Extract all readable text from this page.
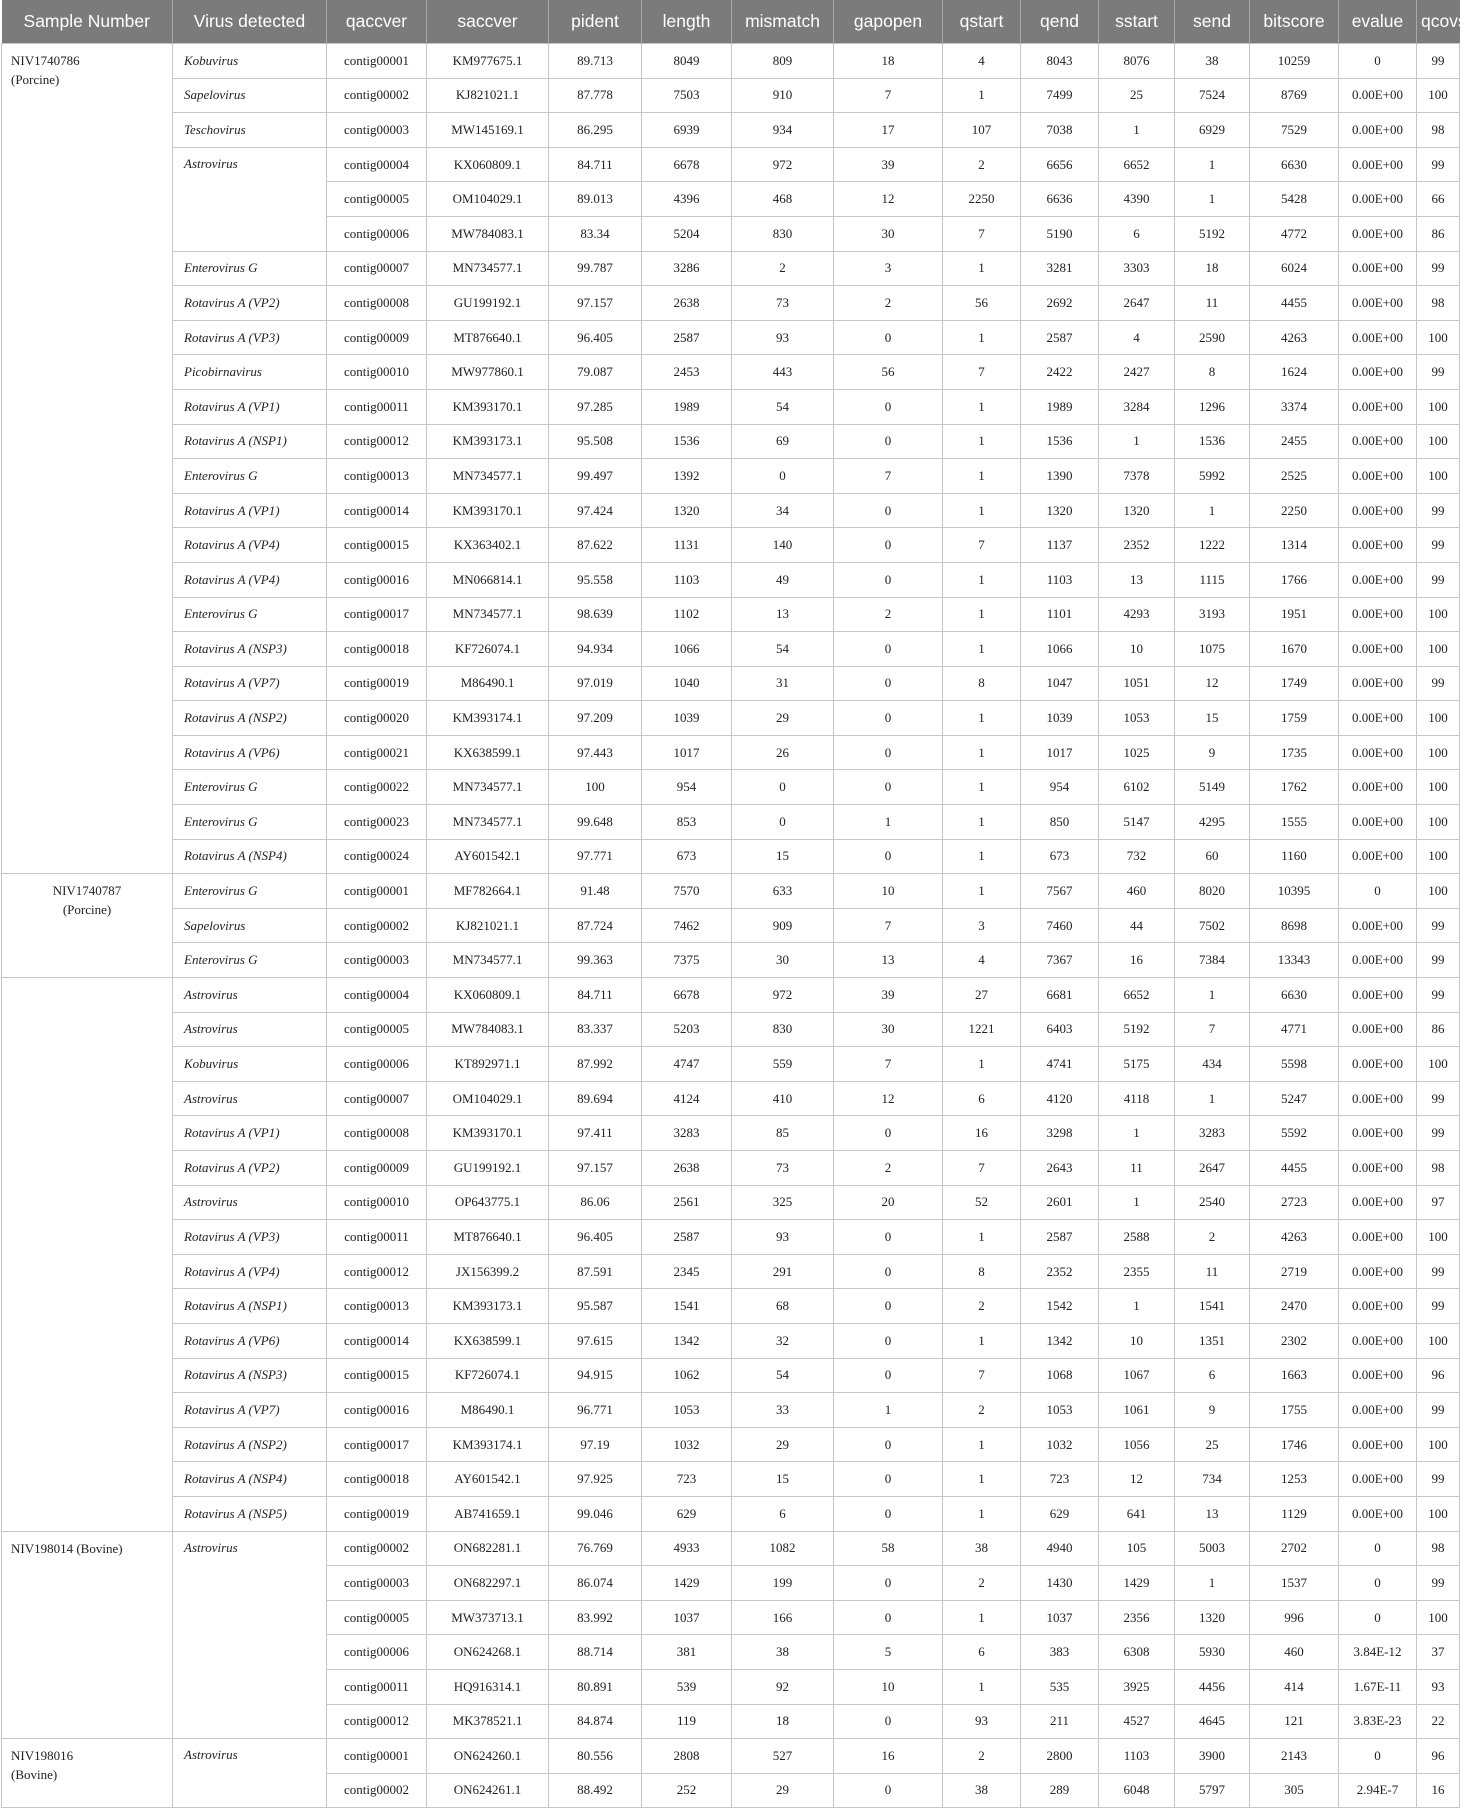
Sample Number	Virus detected	qaccver	saccver	pident	length	mismatch	gapopen	qstart	qend	sstart	send	bitscore	evalue	qcovs

NIV1740786
(Porcine)	Kobuvirus	contig00001	KM977675.1	89.713	8049	809	18	4	8043	8076	38	10259	0	99
	Sapelovirus	contig00002	KJ821021.1	87.778	7503	910	7	1	7499	25	7524	8769	0.00E+00	100
	Teschovirus	contig00003	MW145169.1	86.295	6939	934	17	107	7038	1	6929	7529	0.00E+00	98
	Astrovirus	contig00004	KX060809.1	84.711	6678	972	39	2	6656	6652	1	6630	0.00E+00	99
		contig00005	OM104029.1	89.013	4396	468	12	2250	6636	4390	1	5428	0.00E+00	66
		contig00006	MW784083.1	83.34	5204	830	30	7	5190	6	5192	4772	0.00E+00	86
	Enterovirus G	contig00007	MN734577.1	99.787	3286	2	3	1	3281	3303	18	6024	0.00E+00	99
	Rotavirus A (VP2)	contig00008	GU199192.1	97.157	2638	73	2	56	2692	2647	11	4455	0.00E+00	98
	Rotavirus A (VP3)	contig00009	MT876640.1	96.405	2587	93	0	1	2587	4	2590	4263	0.00E+00	100
	Picobirnavirus	contig00010	MW977860.1	79.087	2453	443	56	7	2422	2427	8	1624	0.00E+00	99
	Rotavirus A (VP1)	contig00011	KM393170.1	97.285	1989	54	0	1	1989	3284	1296	3374	0.00E+00	100
	Rotavirus A (NSP1)	contig00012	KM393173.1	95.508	1536	69	0	1	1536	1	1536	2455	0.00E+00	100
	Enterovirus G	contig00013	MN734577.1	99.497	1392	0	7	1	1390	7378	5992	2525	0.00E+00	100
	Rotavirus A (VP1)	contig00014	KM393170.1	97.424	1320	34	0	1	1320	1320	1	2250	0.00E+00	99
	Rotavirus A (VP4)	contig00015	KX363402.1	87.622	1131	140	0	7	1137	2352	1222	1314	0.00E+00	99
	Rotavirus A (VP4)	contig00016	MN066814.1	95.558	1103	49	0	1	1103	13	1115	1766	0.00E+00	99
	Enterovirus G	contig00017	MN734577.1	98.639	1102	13	2	1	1101	4293	3193	1951	0.00E+00	100
	Rotavirus A (NSP3)	contig00018	KF726074.1	94.934	1066	54	0	1	1066	10	1075	1670	0.00E+00	100
	Rotavirus A (VP7)	contig00019	M86490.1	97.019	1040	31	0	8	1047	1051	12	1749	0.00E+00	99
	Rotavirus A (NSP2)	contig00020	KM393174.1	97.209	1039	29	0	1	1039	1053	15	1759	0.00E+00	100
	Rotavirus A (VP6)	contig00021	KX638599.1	97.443	1017	26	0	1	1017	1025	9	1735	0.00E+00	100
	Enterovirus G	contig00022	MN734577.1	100	954	0	0	1	954	6102	5149	1762	0.00E+00	100
	Enterovirus G	contig00023	MN734577.1	99.648	853	0	1	1	850	5147	4295	1555	0.00E+00	100
	Rotavirus A (NSP4)	contig00024	AY601542.1	97.771	673	15	0	1	673	732	60	1160	0.00E+00	100

NIV1740787
(Porcine)	Enterovirus G	contig00001	MF782664.1	91.48	7570	633	10	1	7567	460	8020	10395	0	100
	Sapelovirus	contig00002	KJ821021.1	87.724	7462	909	7	3	7460	44	7502	8698	0.00E+00	99
	Enterovirus G	contig00003	MN734577.1	99.363	7375	30	13	4	7367	16	7384	13343	0.00E+00	99
	Astrovirus	contig00004	KX060809.1	84.711	6678	972	39	27	6681	6652	1	6630	0.00E+00	99
	Astrovirus	contig00005	MW784083.1	83.337	5203	830	30	1221	6403	5192	7	4771	0.00E+00	86
	Kobuvirus	contig00006	KT892971.1	87.992	4747	559	7	1	4741	5175	434	5598	0.00E+00	100
	Astrovirus	contig00007	OM104029.1	89.694	4124	410	12	6	4120	4118	1	5247	0.00E+00	99
	Rotavirus A (VP1)	contig00008	KM393170.1	97.411	3283	85	0	16	3298	1	3283	5592	0.00E+00	99
	Rotavirus A (VP2)	contig00009	GU199192.1	97.157	2638	73	2	7	2643	11	2647	4455	0.00E+00	98
	Astrovirus	contig00010	OP643775.1	86.06	2561	325	20	52	2601	1	2540	2723	0.00E+00	97
	Rotavirus A (VP3)	contig00011	MT876640.1	96.405	2587	93	0	1	2587	2588	2	4263	0.00E+00	100
	Rotavirus A (VP4)	contig00012	JX156399.2	87.591	2345	291	0	8	2352	2355	11	2719	0.00E+00	99
	Rotavirus A (NSP1)	contig00013	KM393173.1	95.587	1541	68	0	2	1542	1	1541	2470	0.00E+00	99
	Rotavirus A (VP6)	contig00014	KX638599.1	97.615	1342	32	0	1	1342	10	1351	2302	0.00E+00	100
	Rotavirus A (NSP3)	contig00015	KF726074.1	94.915	1062	54	0	7	1068	1067	6	1663	0.00E+00	96
	Rotavirus A (VP7)	contig00016	M86490.1	96.771	1053	33	1	2	1053	1061	9	1755	0.00E+00	99
	Rotavirus A (NSP2)	contig00017	KM393174.1	97.19	1032	29	0	1	1032	1056	25	1746	0.00E+00	100
	Rotavirus A (NSP4)	contig00018	AY601542.1	97.925	723	15	0	1	723	12	734	1253	0.00E+00	99
	Rotavirus A (NSP5)	contig00019	AB741659.1	99.046	629	6	0	1	629	641	13	1129	0.00E+00	100

NIV198014 (Bovine)	Astrovirus	contig00002	ON682281.1	76.769	4933	1082	58	38	4940	105	5003	2702	0	98
		contig00003	ON682297.1	86.074	1429	199	0	2	1430	1429	1	1537	0	99
		contig00005	MW373713.1	83.992	1037	166	0	1	1037	2356	1320	996	0	100
		contig00006	ON624268.1	88.714	381	38	5	6	383	6308	5930	460	3.84E-12	37
		contig00011	HQ916314.1	80.891	539	92	10	1	535	3925	4456	414	1.67E-11	93
		contig00012	MK378521.1	84.874	119	18	0	93	211	4527	4645	121	3.83E-23	22

NIV198016
(Bovine)	Astrovirus	contig00001	ON624260.1	80.556	2808	527	16	2	2800	1103	3900	2143	0	96
		contig00002	ON624261.1	88.492	252	29	0	38	289	6048	5797	305	2.94E-7	16
